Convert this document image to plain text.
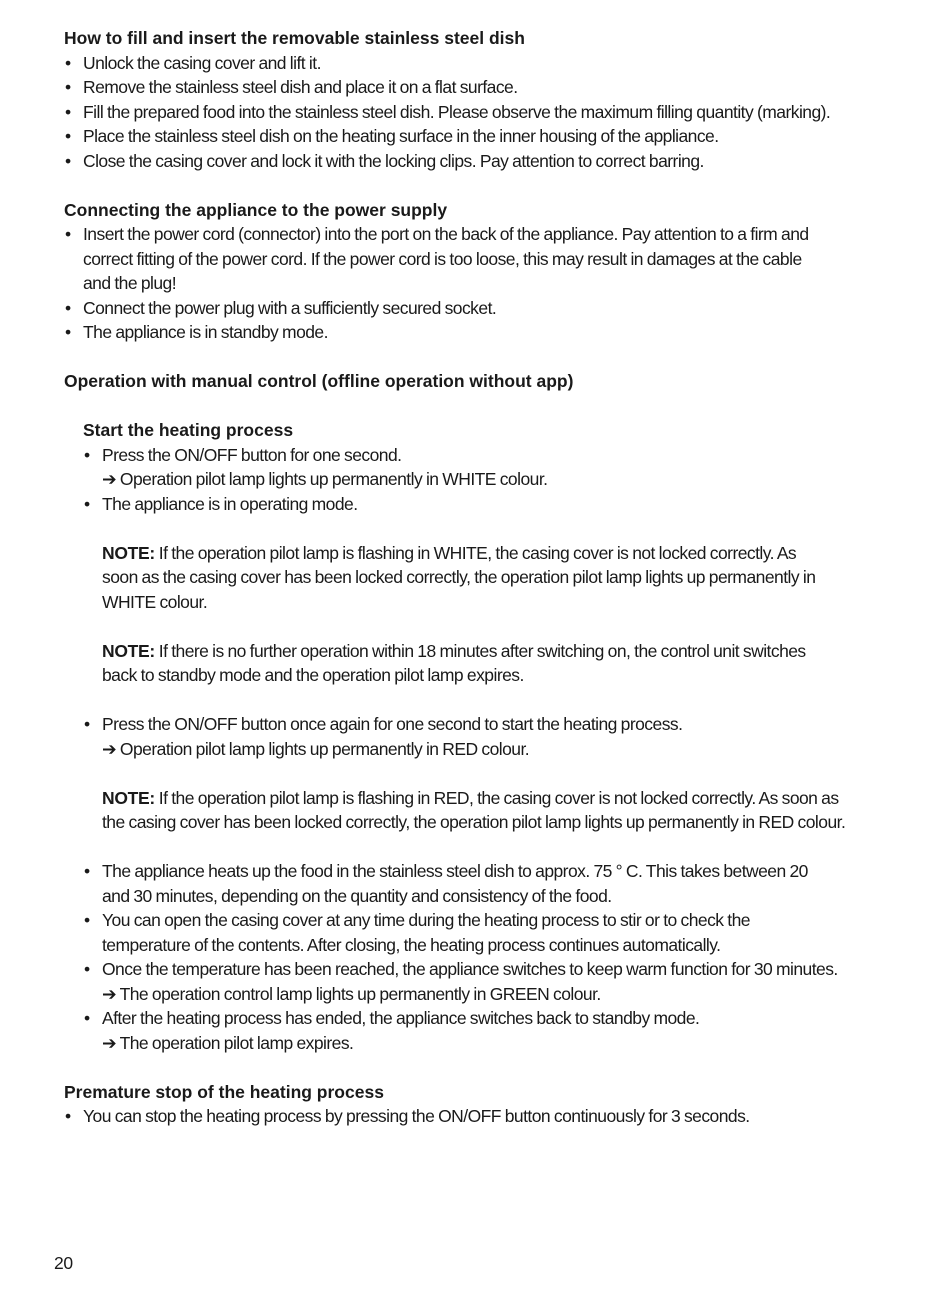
How to fill and insert the removable stainless steel dish

• Unlock the casing cover and lift it.
• Remove the stainless steel dish and place it on a flat surface.
• Fill the prepared food into the stainless steel dish. Please observe the maximum filling quantity (marking).
• Place the stainless steel dish on the heating surface in the inner housing of the appliance.
• Close the casing cover and lock it with the locking clips. Pay attention to correct barring.

Connecting the appliance to the power supply

• Insert the power cord (connector) into the port on the back of the appliance. Pay attention to a firm and
correct fitting of the power cord. If the power cord is too loose, this may result in damages at the cable
and the plug!
• Connect the power plug with a sufficiently secured socket.
• The appliance is in standby mode.

Operation with manual control (offline operation without app)

Start the heating process

• Press the ON/OFF button for one second.
➔ Operation pilot lamp lights up permanently in WHITE colour.
• The appliance is in operating mode.

NOTE: If the operation pilot lamp is flashing in WHITE, the casing cover is not locked correctly. As
soon as the casing cover has been locked correctly, the operation pilot lamp lights up permanently in
WHITE colour.

NOTE: If there is no further operation within 18 minutes after switching on, the control unit switches
back to standby mode and the operation pilot lamp expires.

• Press the ON/OFF button once again for one second to start the heating process.
➔ Operation pilot lamp lights up permanently in RED colour.

NOTE: If the operation pilot lamp is flashing in RED, the casing cover is not locked correctly. As soon as
the casing cover has been locked correctly, the operation pilot lamp lights up permanently in RED colour.

• The appliance heats up the food in the stainless steel dish to approx. 75 ° C. This takes between 20
and 30 minutes, depending on the quantity and consistency of the food.
• You can open the casing cover at any time during the heating process to stir or to check the
temperature of the contents. After closing, the heating process continues automatically.
• Once the temperature has been reached, the appliance switches to keep warm function for 30 minutes.
➔ The operation control lamp lights up permanently in GREEN colour.
• After the heating process has ended, the appliance switches back to standby mode.
➔ The operation pilot lamp expires.

Premature stop of the heating process

• You can stop the heating process by pressing the ON/OFF button continuously for 3 seconds.
20
